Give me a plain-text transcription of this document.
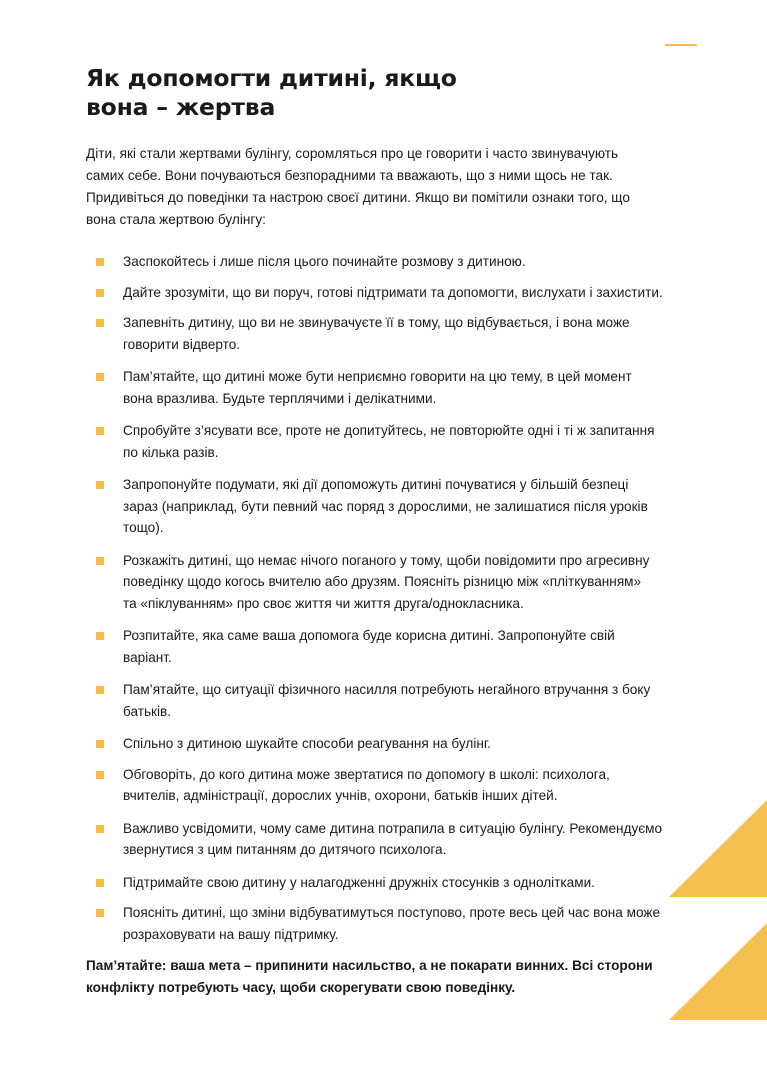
Як допомогти дитині, якщо
вона – жертва

Діти, які стали жертвами булінгу, соромляться про це говорити і часто звинувачують
самих себе. Вони почуваються безпорадними та вважають, що з ними щось не так.
Придивіться до поведінки та настрою своєї дитини. Якщо ви помітили ознаки того, що
вона стала жертвою булінгу:

Заспокойтесь і лише після цього починайте розмову з дитиною.
Дайте зрозуміти, що ви поруч, готові підтримати та допомогти, вислухати і захистити.
Запевніть дитину, що ви не звинувачуєте її в тому, що відбувається, і вона може
говорити відверто.
Пам’ятайте, що дитині може бути неприємно говорити на цю тему, в цей момент
вона вразлива. Будьте терплячими і делікатними.
Спробуйте з’ясувати все, проте не допитуйтесь, не повторюйте одні і ті ж запитання
по кілька разів.
Запропонуйте подумати, які дії допоможуть дитині почуватися у більшій безпеці
зараз (наприклад, бути певний час поряд з дорослими, не залишатися після уроків
тощо).
Розкажіть дитині, що немає нічого поганого у тому, щоби повідомити про агресивну
поведінку щодо когось вчителю або друзям. Поясніть різницю між «пліткуванням»
та «піклуванням» про своє життя чи життя друга/однокласника.
Розпитайте, яка саме ваша допомога буде корисна дитині. Запропонуйте свій
варіант.
Пам’ятайте, що ситуації фізичного насилля потребують негайного втручання з боку
батьків.
Спільно з дитиною шукайте способи реагування на булінг.
Обговоріть, до кого дитина може звертатися по допомогу в школі: психолога,
вчителів, адміністрації, дорослих учнів, охорони, батьків інших дітей.
Важливо усвідомити, чому саме дитина потрапила в ситуацію булінгу. Рекомендуємо
звернутися з цим питанням до дитячого психолога.
Підтримайте свою дитину у налагодженні дружніх стосунків з однолітками.
Поясніть дитині, що зміни відбуватимуться поступово, проте весь цей час вона може
розраховувати на вашу підтримку.

Пам’ятайте: ваша мета – припинити насильство, а не покарати винних. Всі сторони
конфлікту потребують часу, щоби скорегувати свою поведінку.
